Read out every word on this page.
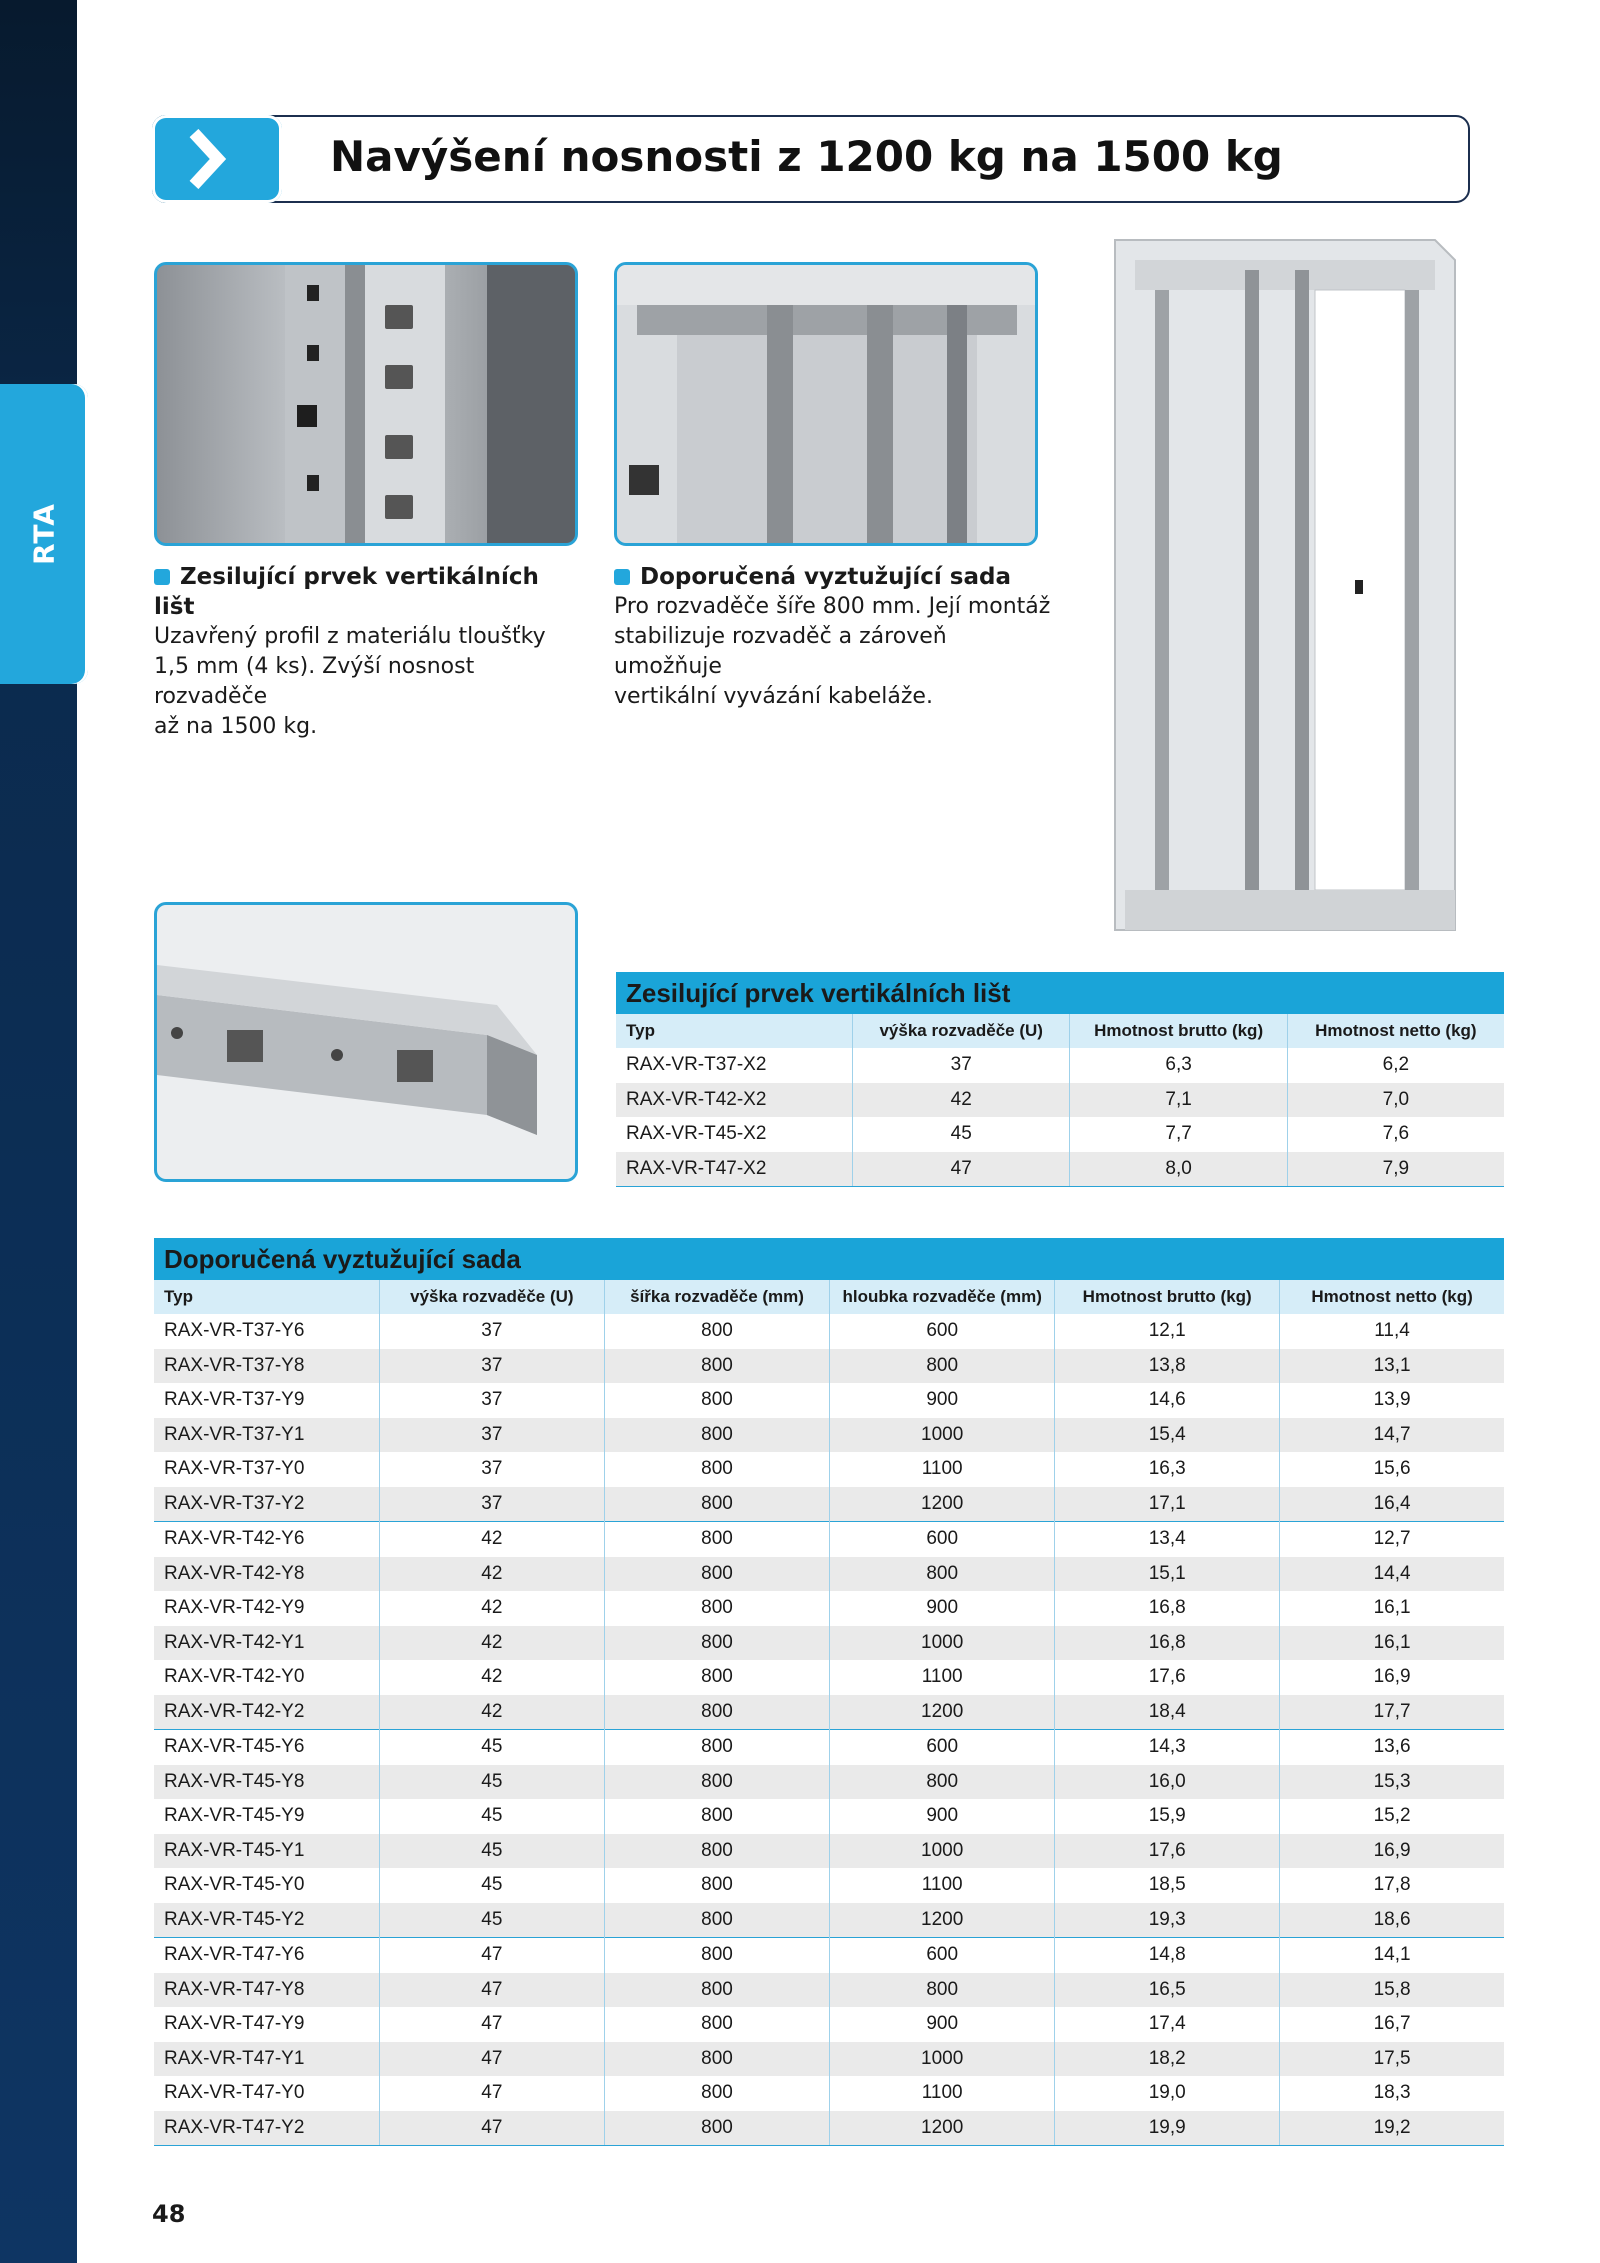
RTA
Navýšení nosnosti z 1200 kg na 1500 kg
Zesilující prvek vertikálních lišt
Uzavřený profil z materiálu tloušťky
1,5 mm (4 ks). Zvýší nosnost rozvaděče
až na 1500 kg.
Doporučená vyztužující sada
Pro rozvaděče šíře 800 mm. Její montáž
stabilizuje rozvaděč a zároveň umožňuje
vertikální vyvázání kabeláže.
Zesilující prvek vertikálních lišt
Typ	výška rozvaděče (U)	Hmotnost brutto (kg)	Hmotnost netto (kg)
RAX-VR-T37-X2	37	6,3	6,2
RAX-VR-T42-X2	42	7,1	7,0
RAX-VR-T45-X2	45	7,7	7,6
RAX-VR-T47-X2	47	8,0	7,9
Doporučená vyztužující sada
Typ	výška rozvaděče (U)	šířka rozvaděče (mm)	hloubka rozvaděče (mm)	Hmotnost brutto (kg)	Hmotnost netto (kg)
RAX-VR-T37-Y6	37	800	600	12,1	11,4
RAX-VR-T37-Y8	37	800	800	13,8	13,1
RAX-VR-T37-Y9	37	800	900	14,6	13,9
RAX-VR-T37-Y1	37	800	1000	15,4	14,7
RAX-VR-T37-Y0	37	800	1100	16,3	15,6
RAX-VR-T37-Y2	37	800	1200	17,1	16,4
RAX-VR-T42-Y6	42	800	600	13,4	12,7
RAX-VR-T42-Y8	42	800	800	15,1	14,4
RAX-VR-T42-Y9	42	800	900	16,8	16,1
RAX-VR-T42-Y1	42	800	1000	16,8	16,1
RAX-VR-T42-Y0	42	800	1100	17,6	16,9
RAX-VR-T42-Y2	42	800	1200	18,4	17,7
RAX-VR-T45-Y6	45	800	600	14,3	13,6
RAX-VR-T45-Y8	45	800	800	16,0	15,3
RAX-VR-T45-Y9	45	800	900	15,9	15,2
RAX-VR-T45-Y1	45	800	1000	17,6	16,9
RAX-VR-T45-Y0	45	800	1100	18,5	17,8
RAX-VR-T45-Y2	45	800	1200	19,3	18,6
RAX-VR-T47-Y6	47	800	600	14,8	14,1
RAX-VR-T47-Y8	47	800	800	16,5	15,8
RAX-VR-T47-Y9	47	800	900	17,4	16,7
RAX-VR-T47-Y1	47	800	1000	18,2	17,5
RAX-VR-T47-Y0	47	800	1100	19,0	18,3
RAX-VR-T47-Y2	47	800	1200	19,9	19,2
48
